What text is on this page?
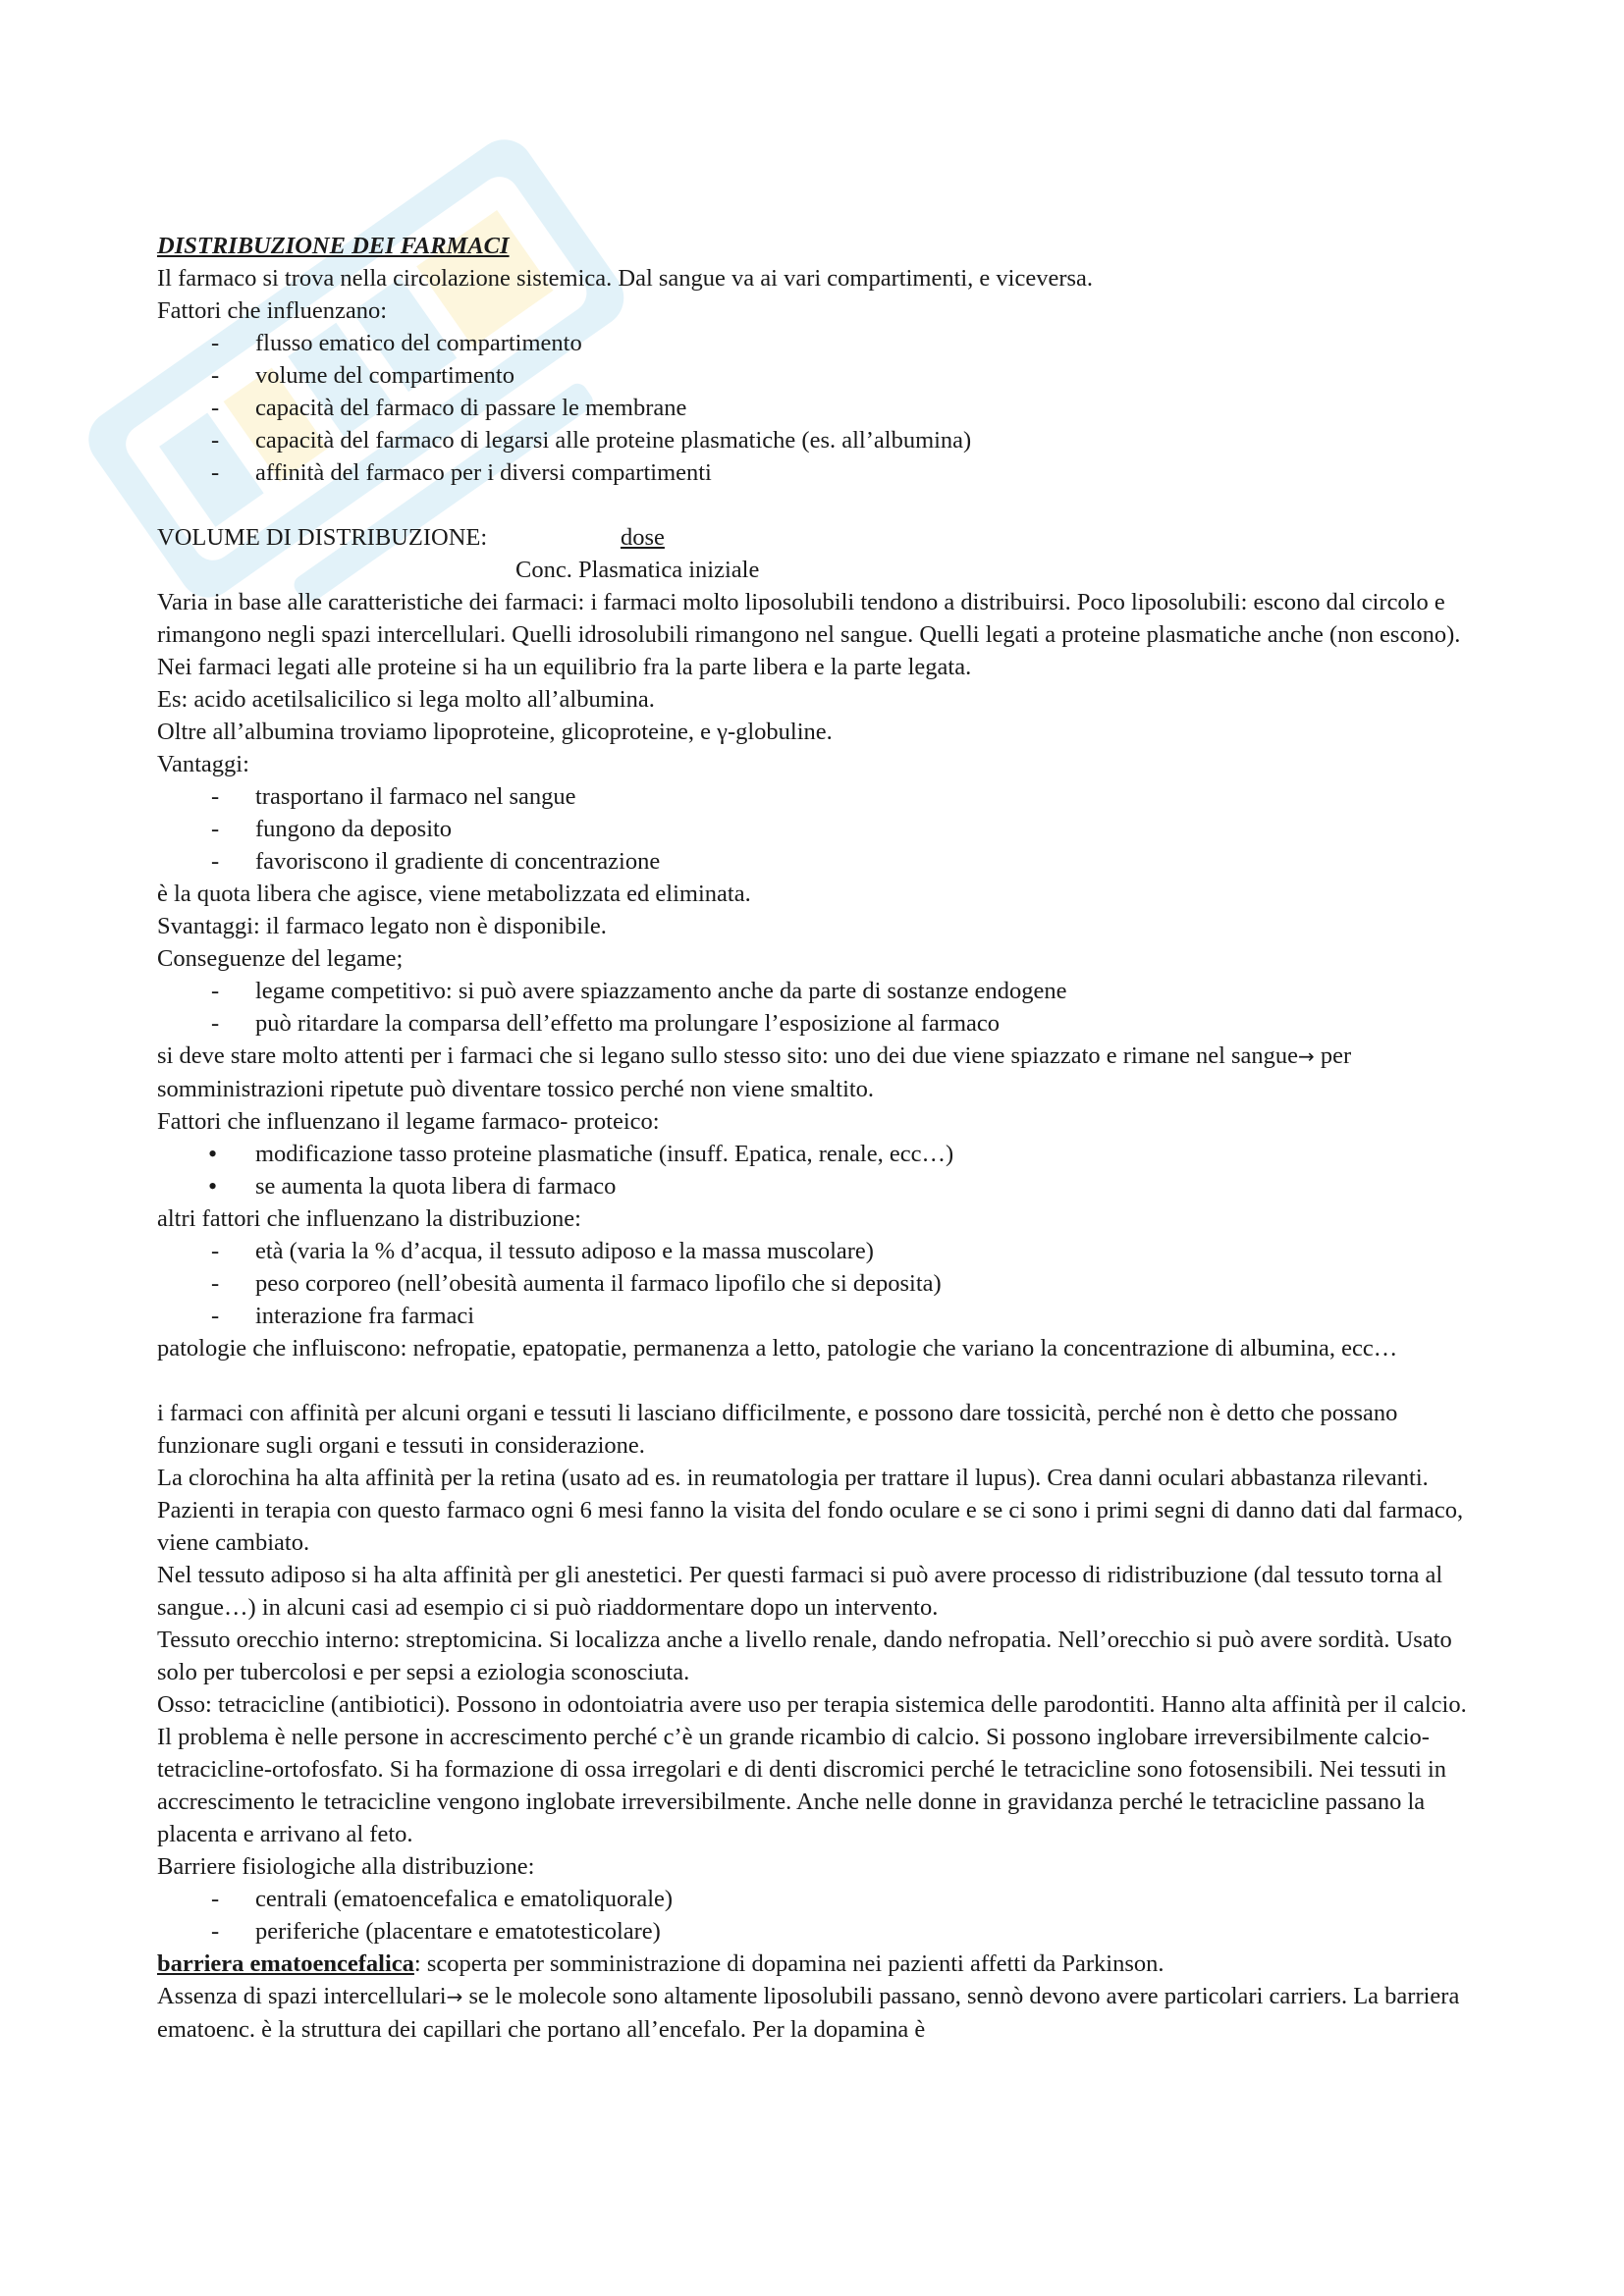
DISTRIBUZIONE DEI FARMACI

Il farmaco si trova nella circolazione sistemica. Dal sangue va ai vari compartimenti, e viceversa.

Fattori che influenzano:

- flusso ematico del compartimento
- volume del compartimento
- capacità del farmaco di passare le membrane
- capacità del farmaco di legarsi alle proteine plasmatiche (es. all’albumina)
- affinità del farmaco per i diversi compartimenti
VOLUME DI DISTRIBUZIONE:	dose
Conc. Plasmatica iniziale

Varia in base alle caratteristiche dei farmaci: i farmaci molto liposolubili tendono a distribuirsi. Poco liposolubili: escono dal circolo e rimangono negli spazi intercellulari. Quelli idrosolubili rimangono nel sangue. Quelli legati a proteine plasmatiche anche (non escono).

Nei farmaci legati alle proteine si ha un equilibrio fra la parte libera e la parte legata.

Es: acido acetilsalicilico si lega molto all’albumina.

Oltre all’albumina troviamo lipoproteine, glicoproteine, e γ-globuline.

Vantaggi:

- trasportano il farmaco nel sangue
- fungono da deposito
- favoriscono il gradiente di concentrazione

è la quota libera che agisce, viene metabolizzata ed eliminata.

Svantaggi: il farmaco legato non è disponibile.

Conseguenze del legame;

- legame competitivo: si può avere spiazzamento anche da parte di sostanze endogene
- può ritardare la comparsa dell’effetto ma prolungare l’esposizione al farmaco

si deve stare molto attenti per i farmaci che si legano sullo stesso sito: uno dei due viene spiazzato e rimane nel sangue→ per somministrazioni ripetute può diventare tossico perché non viene smaltito.

Fattori che influenzano il legame farmaco- proteico:

• modificazione tasso proteine plasmatiche (insuff. Epatica, renale, ecc…)
• se aumenta la quota libera di farmaco

altri fattori che influenzano la distribuzione:

- età (varia la % d’acqua, il tessuto adiposo e la massa muscolare)
- peso corporeo (nell’obesità aumenta il farmaco lipofilo che si deposita)
- interazione fra farmaci

patologie che influiscono: nefropatie, epatopatie, permanenza a letto, patologie che variano la concentrazione di albumina, ecc…

i farmaci con affinità per alcuni organi e tessuti li lasciano difficilmente, e possono dare tossicità, perché non è detto che possano funzionare sugli organi e tessuti in considerazione.

La clorochina ha alta affinità per la retina (usato ad es. in reumatologia per trattare il lupus). Crea danni oculari abbastanza rilevanti. Pazienti in terapia con questo farmaco ogni 6 mesi fanno la visita del fondo oculare e se ci sono i primi segni di danno dati dal farmaco, viene cambiato.

Nel tessuto adiposo si ha alta affinità per gli anestetici. Per questi farmaci si può avere processo di ridistribuzione (dal tessuto torna al sangue…) in alcuni casi ad esempio ci si può riaddormentare dopo un intervento.

Tessuto orecchio interno: streptomicina. Si localizza anche a livello renale, dando nefropatia. Nell’orecchio si può avere sordità. Usato solo per tubercolosi e per sepsi a eziologia sconosciuta.

Osso: tetracicline (antibiotici). Possono in odontoiatria avere uso per terapia sistemica delle parodontiti. Hanno alta affinità per il calcio. Il problema è nelle persone in accrescimento perché c’è un grande ricambio di calcio. Si possono inglobare irreversibilmente calcio-tetracicline-ortofosfato. Si ha formazione di ossa irregolari e di denti discromici perché le tetracicline sono fotosensibili. Nei tessuti in accrescimento le tetracicline vengono inglobate irreversibilmente. Anche nelle donne in gravidanza perché le tetracicline passano la placenta e arrivano al feto.

Barriere fisiologiche alla distribuzione:

- centrali (ematoencefalica e ematoliquorale)
- periferiche (placentare e ematotesticolare)

barriera ematoencefalica: scoperta per somministrazione di dopamina nei pazienti affetti da Parkinson.

Assenza di spazi intercellulari→ se le molecole sono altamente liposolubili passano, sennò devono avere particolari carriers. La barriera ematoenc. è la struttura dei capillari che portano all’encefalo. Per la dopamina è
